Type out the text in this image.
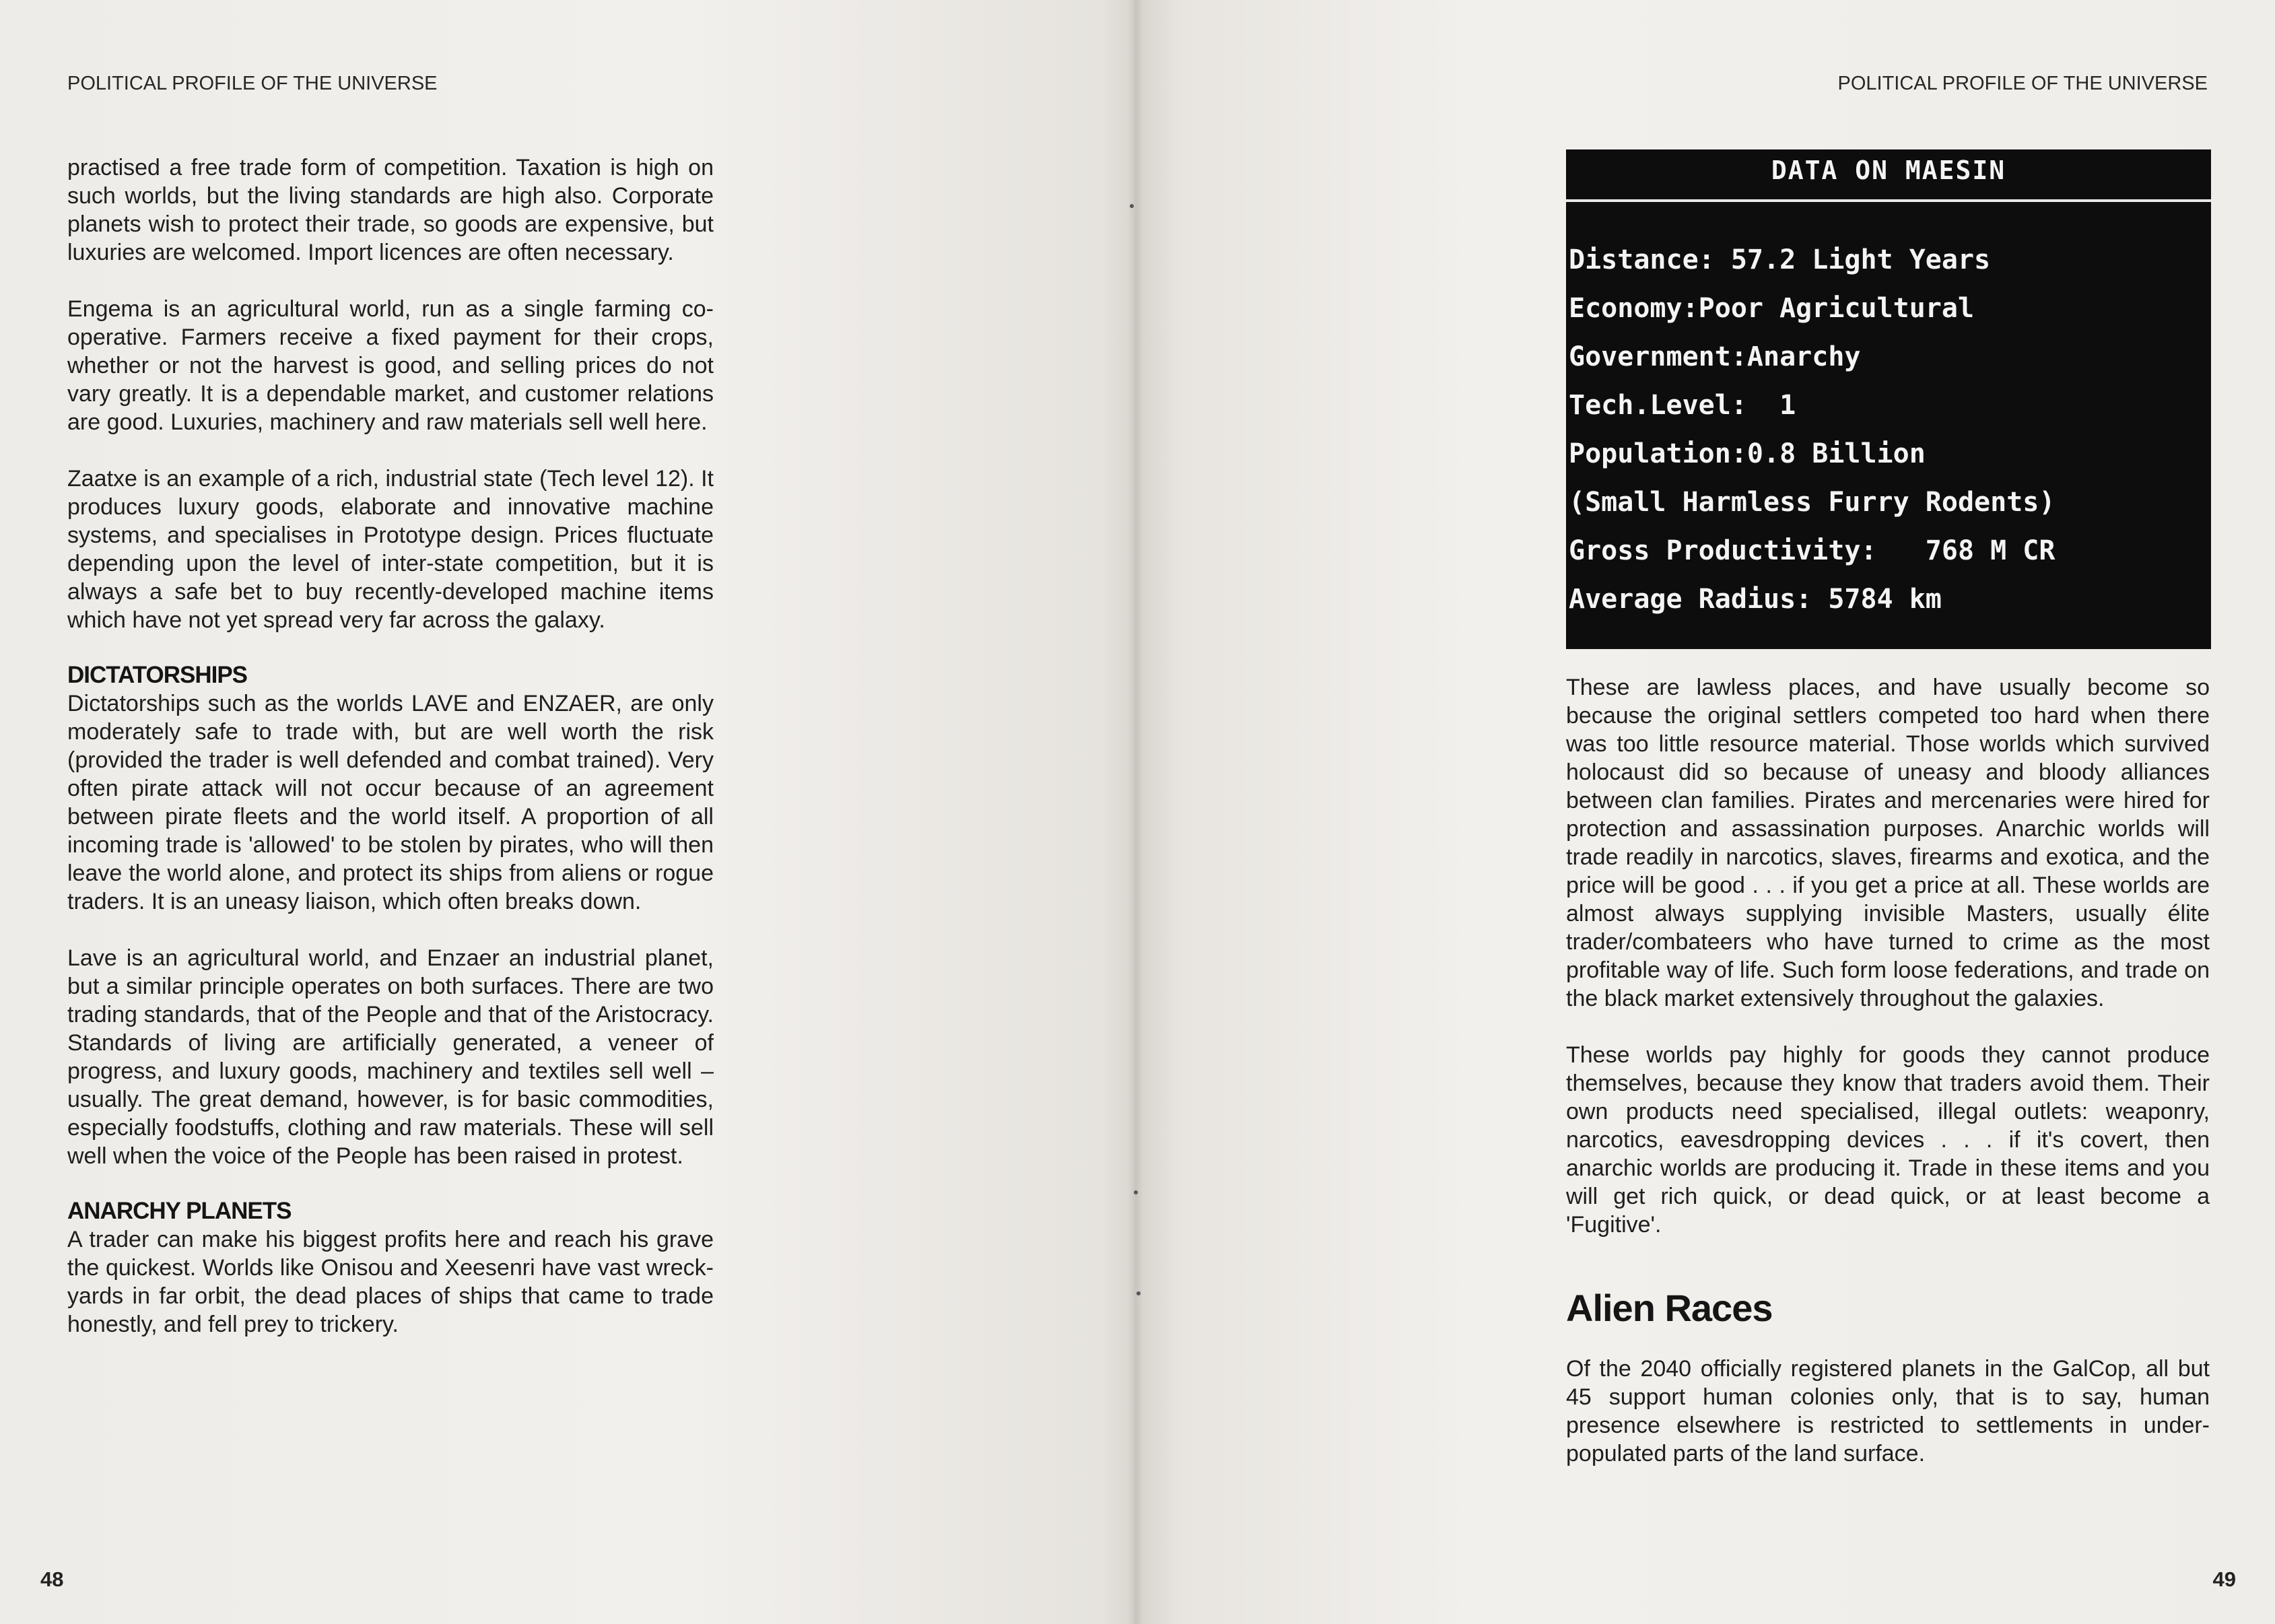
POLITICAL PROFILE OF THE UNIVERSE	POLITICAL PROFILE OF THE UNIVERSE

practised a free trade form of competition. Taxation is high on such worlds, but the living standards are high also. Corporate planets wish to protect their trade, so goods are expensive, but luxuries are welcomed. Import licences are often necessary.

Engema is an agricultural world, run as a single farming co-operative. Farmers receive a fixed payment for their crops, whether or not the harvest is good, and selling prices do not vary greatly. It is a dependable market, and customer relations are good. Luxuries, machinery and raw materials sell well here.

Zaatxe is an example of a rich, industrial state (Tech level 12). It produces luxury goods, elaborate and innovative machine systems, and specialises in Prototype design. Prices fluctuate depending upon the level of inter-state competition, but it is always a safe bet to buy recently-developed machine items which have not yet spread very far across the galaxy.

DICTATORSHIPS

Dictatorships such as the worlds LAVE and ENZAER, are only moderately safe to trade with, but are well worth the risk (provided the trader is well defended and combat trained). Very often pirate attack will not occur because of an agreement between pirate fleets and the world itself. A proportion of all incoming trade is 'allowed' to be stolen by pirates, who will then leave the world alone, and protect its ships from aliens or rogue traders. It is an uneasy liaison, which often breaks down.

Lave is an agricultural world, and Enzaer an industrial planet, but a similar principle operates on both surfaces. There are two trading standards, that of the People and that of the Aristocracy. Standards of living are artificially generated, a veneer of progress, and luxury goods, machinery and textiles sell well – usually. The great demand, however, is for basic commodities, especially foodstuffs, clothing and raw materials. These will sell well when the voice of the People has been raised in protest.

ANARCHY PLANETS

A trader can make his biggest profits here and reach his grave the quickest. Worlds like Onisou and Xeesenri have vast wreck-yards in far orbit, the dead places of ships that came to trade honestly, and fell prey to trickery.

48
DATA ON MAESIN
Distance: 57.2 Light Years
Economy:Poor Agricultural
Government:Anarchy
Tech.Level:  1
Population:0.8 Billion
(Small Harmless Furry Rodents)
Gross Productivity:   768 M CR
Average Radius: 5784 km

These are lawless places, and have usually become so because the original settlers competed too hard when there was too little resource material. Those worlds which survived holocaust did so because of uneasy and bloody alliances between clan families. Pirates and mercenaries were hired for protection and assassination purposes. Anarchic worlds will trade readily in narcotics, slaves, firearms and exotica, and the price will be good . . . if you get a price at all. These worlds are almost always supplying invisible Masters, usually élite trader/combateers who have turned to crime as the most profitable way of life. Such form loose federations, and trade on the black market extensively throughout the galaxies.

These worlds pay highly for goods they cannot produce themselves, because they know that traders avoid them. Their own products need specialised, illegal outlets: weaponry, narcotics, eavesdropping devices . . . if it's covert, then anarchic worlds are producing it. Trade in these items and you will get rich quick, or dead quick, or at least become a 'Fugitive'.

Alien Races

Of the 2040 officially registered planets in the GalCop, all but 45 support human colonies only, that is to say, human presence elsewhere is restricted to settlements in under-populated parts of the land surface.

49
